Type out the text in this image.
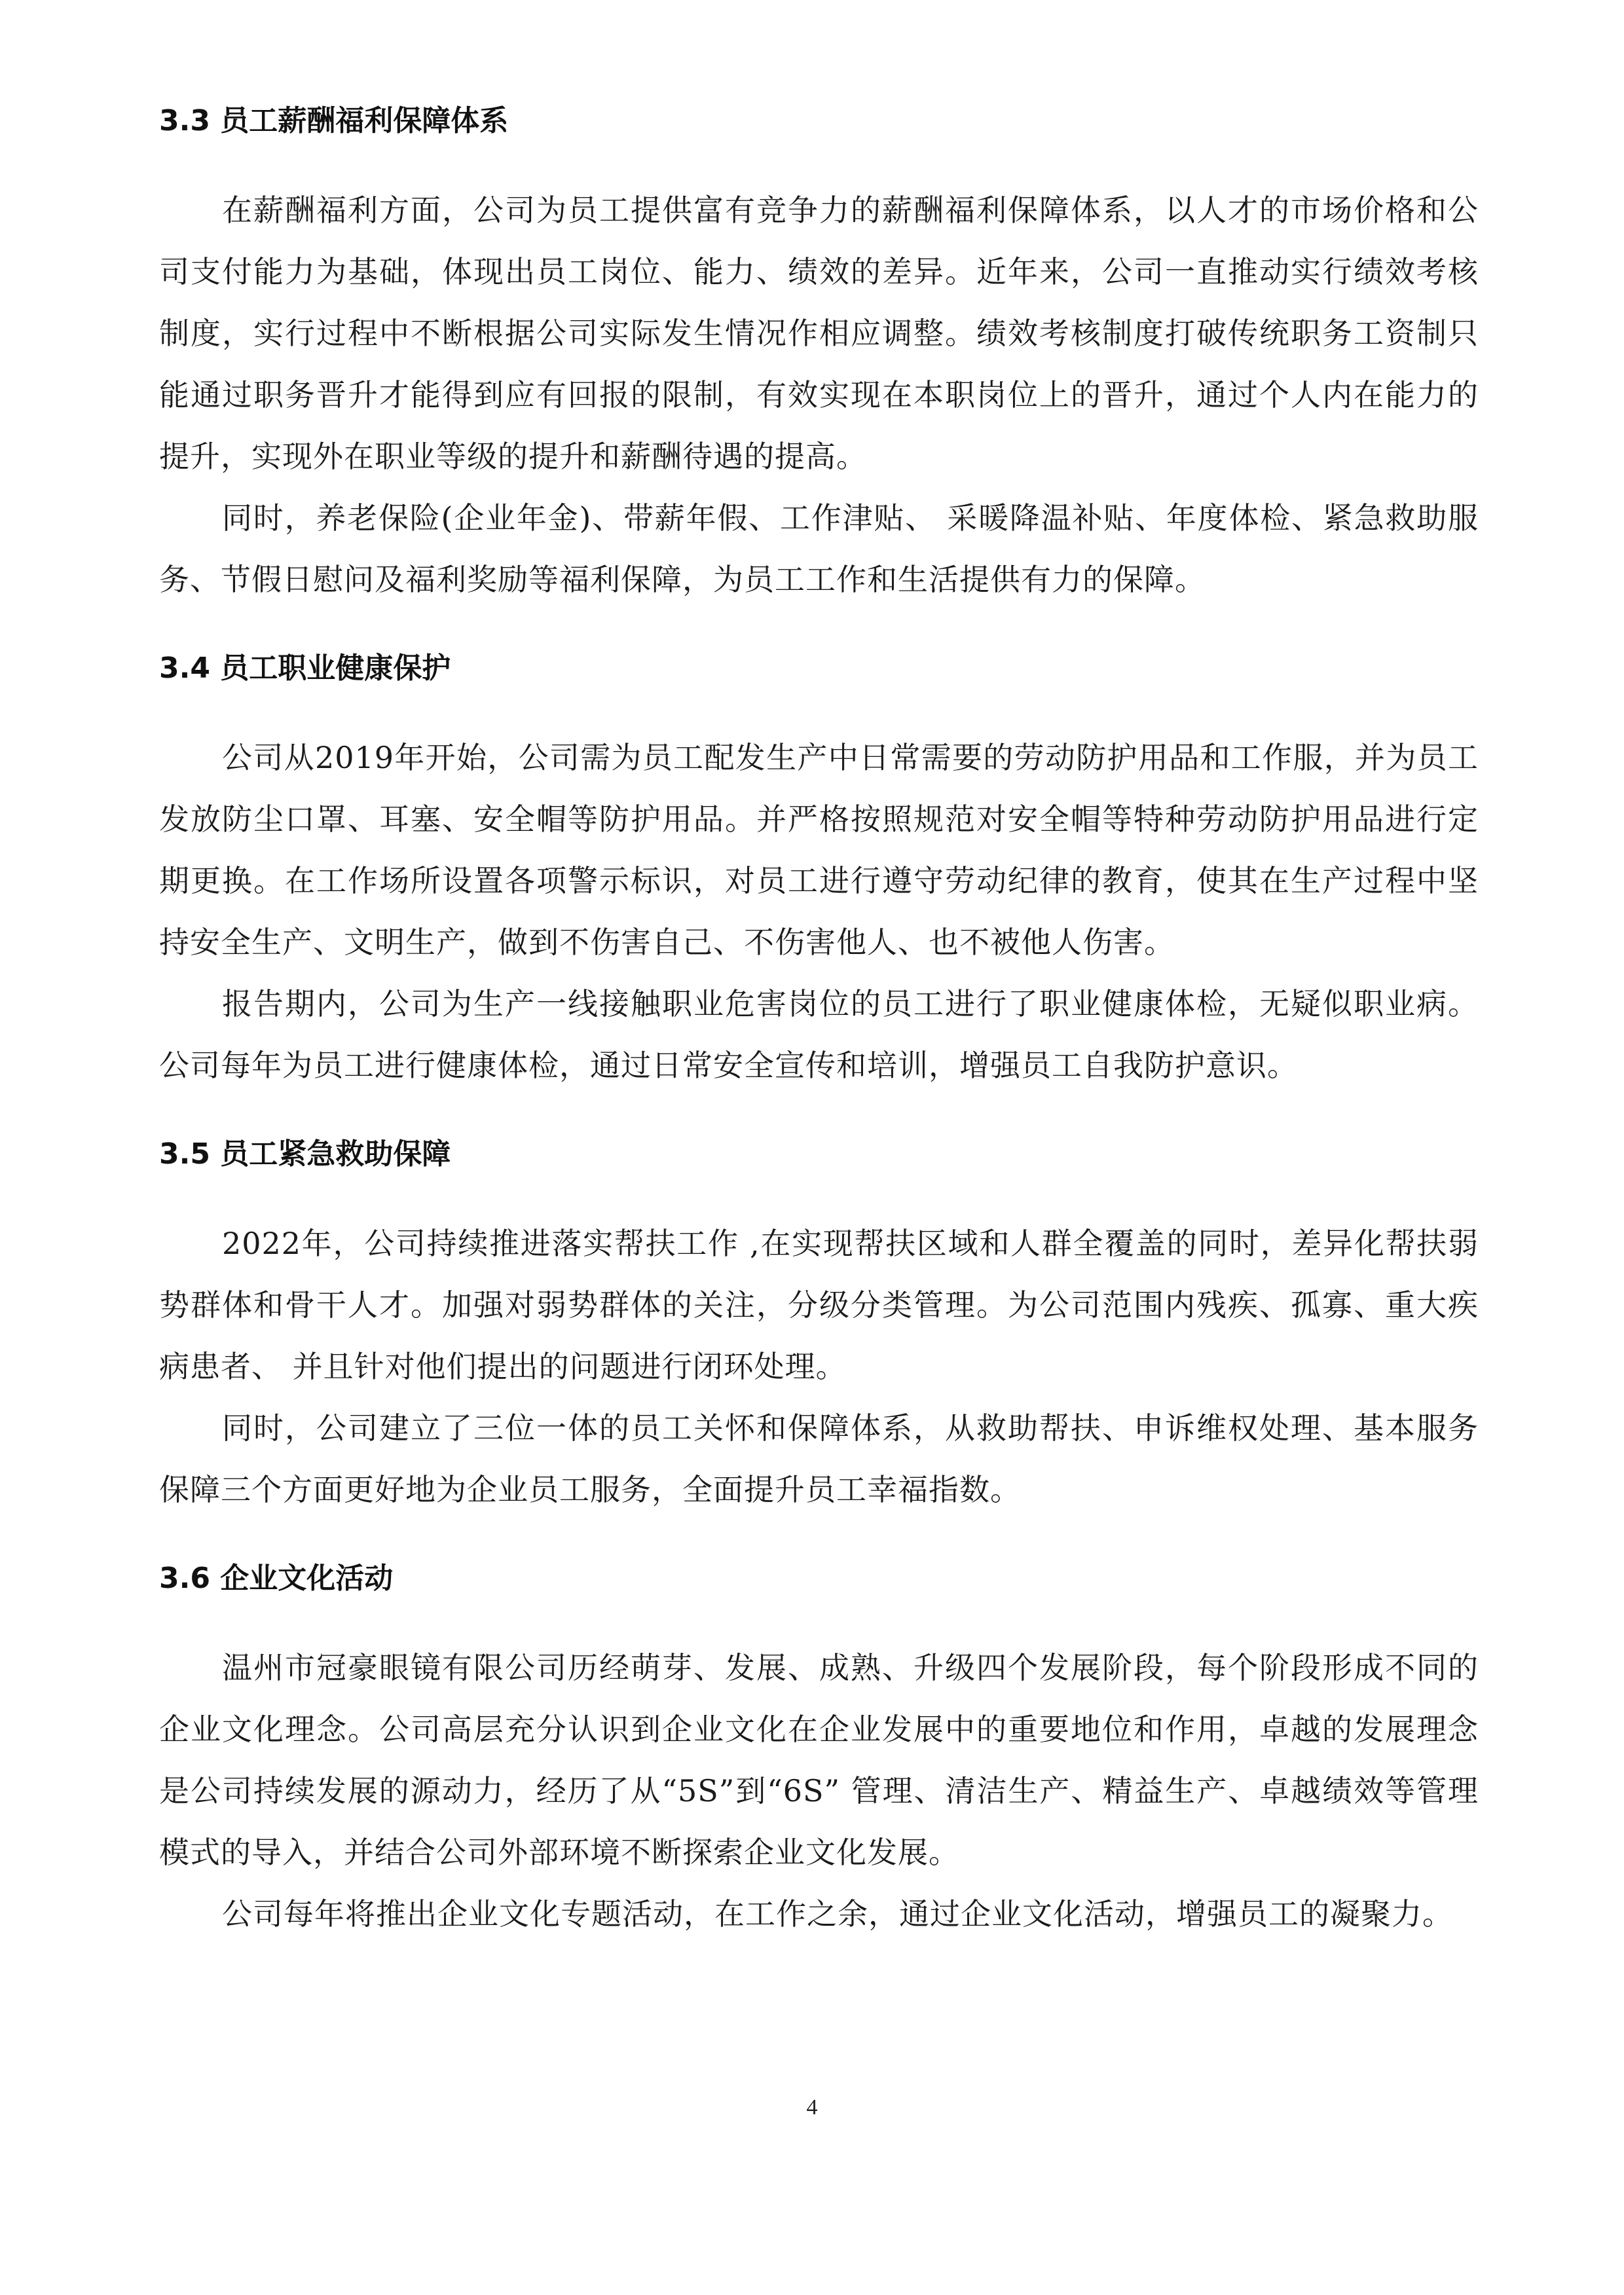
3.3 员工薪酬福利保障体系

在薪酬福利方面，公司为员工提供富有竞争力的薪酬福利保障体系，以人才的市场价格和公司支付能力为基础，体现出员工岗位、能力、绩效的差异。近年来，公司一直推动实行绩效考核制度，实行过程中不断根据公司实际发生情况作相应调整。绩效考核制度打破传统职务工资制只能通过职务晋升才能得到应有回报的限制，有效实现在本职岗位上的晋升，通过个人内在能力的提升，实现外在职业等级的提升和薪酬待遇的提高。

同时，养老保险(企业年金)、带薪年假、工作津贴、 采暖降温补贴、年度体检、紧急救助服务、节假日慰问及福利奖励等福利保障，为员工工作和生活提供有力的保障。

3.4 员工职业健康保护

公司从2019年开始，公司需为员工配发生产中日常需要的劳动防护用品和工作服，并为员工发放防尘口罩、耳塞、安全帽等防护用品。并严格按照规范对安全帽等特种劳动防护用品进行定期更换。在工作场所设置各项警示标识，对员工进行遵守劳动纪律的教育，使其在生产过程中坚持安全生产、文明生产，做到不伤害自己、不伤害他人、也不被他人伤害。

报告期内，公司为生产一线接触职业危害岗位的员工进行了职业健康体检，无疑似职业病。公司每年为员工进行健康体检，通过日常安全宣传和培训，增强员工自我防护意识。

3.5 员工紧急救助保障

2022年，公司持续推进落实帮扶工作 ,在实现帮扶区域和人群全覆盖的同时，差异化帮扶弱势群体和骨干人才。加强对弱势群体的关注，分级分类管理。为公司范围内残疾、孤寡、重大疾病患者、 并且针对他们提出的问题进行闭环处理。

同时，公司建立了三位一体的员工关怀和保障体系，从救助帮扶、申诉维权处理、基本服务保障三个方面更好地为企业员工服务，全面提升员工幸福指数。

3.6 企业文化活动

温州市冠豪眼镜有限公司历经萌芽、发展、成熟、升级四个发展阶段，每个阶段形成不同的企业文化理念。公司高层充分认识到企业文化在企业发展中的重要地位和作用，卓越的发展理念是公司持续发展的源动力，经历了从“5S”到“6S” 管理、清洁生产、精益生产、卓越绩效等管理模式的导入，并结合公司外部环境不断探索企业文化发展。

公司每年将推出企业文化专题活动，在工作之余，通过企业文化活动，增强员工的凝聚力。

4
